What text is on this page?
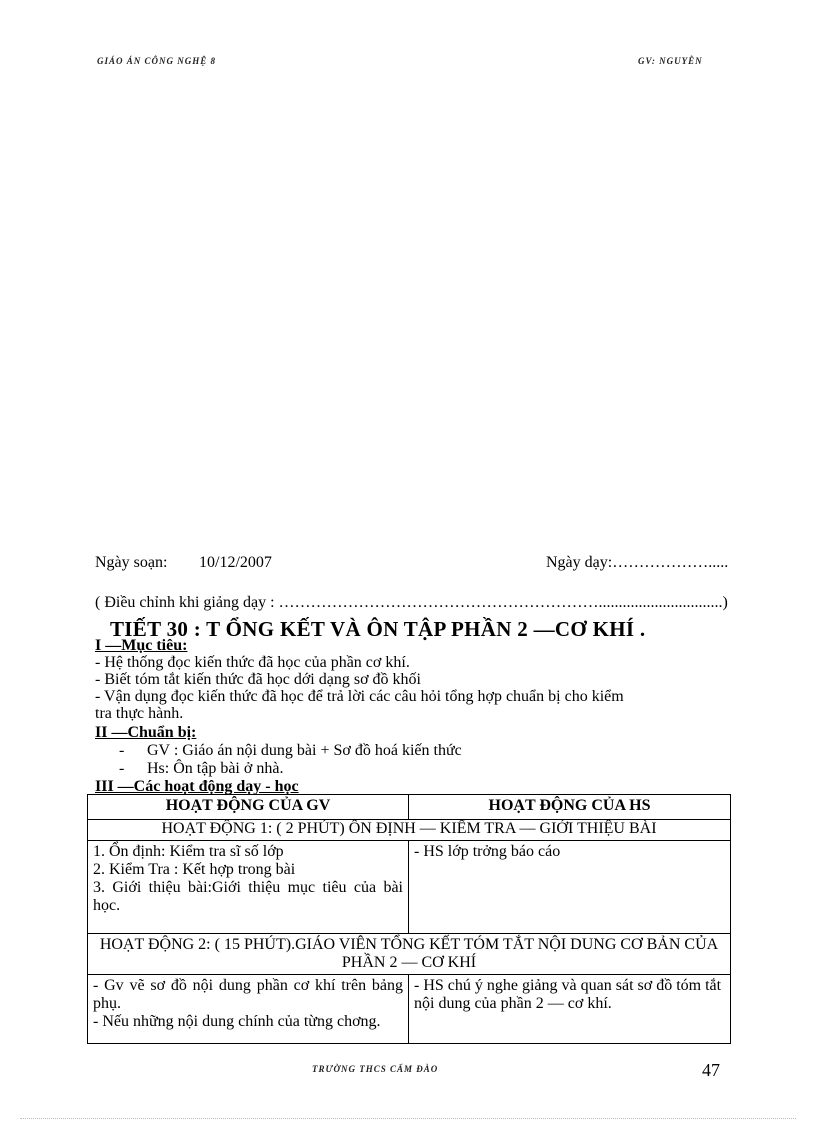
GIÁO ÁN CÔNG NGHỆ 8	GV: NGUYỄN
Ngày soạn: 10/12/2007	Ngày dạy:……………….....
( Điều chỉnh khi giảng dạy : ……………………………………………………...............................)
TIẾT 30 : T ỔNG KẾT VÀ ÔN TẬP PHẦN 2 —CƠ KHÍ .
I —Mục tiêu:
- Hệ thống đọc kiến thức đã học của phần cơ khí.
- Biết tóm tắt kiến thức đã học dới dạng sơ đồ khối
- Vận dụng đọc kiến thức đã học để trả lời các câu hỏi tổng hợp chuẩn bị cho kiểm
tra thực hành.
II —Chuẩn bị:
- GV : Giáo án nội dung bài + Sơ đồ hoá kiến thức
- Hs: Ôn tập bài ở nhà.
III —Các hoạt động dạy - học
HOẠT ĐỘNG CỦA GV	HOẠT ĐỘNG CỦA HS
HOẠT ĐỘNG 1: ( 2 PHÚT) ỔN ĐỊNH — KIỂM TRA — GIỚI THIỆU BÀI	

1. Ổn định: Kiểm tra sĩ số lớp
2. Kiểm Tra : Kết hợp trong bài
3. Giới thiệu bài:Giới thiệu mục tiêu của bài học.	- HS lớp trởng báo cáo
HOẠT ĐỘNG 2: ( 15 PHÚT).GIÁO VIÊN TỔNG KẾT TÓM TẮT NỘI DUNG CƠ BẢN CỦA PHẦN 2 — CƠ KHÍ	

- Gv vẽ sơ đồ nội dung phần cơ khí trên bảng phụ.
- Nếu những nội dung chính của từng chơng.	- HS chú ý nghe giảng và quan sát sơ đồ tóm tắt nội dung của phần 2 — cơ khí.
TRƯỜNG THCS CẨM ĐÀO	47
